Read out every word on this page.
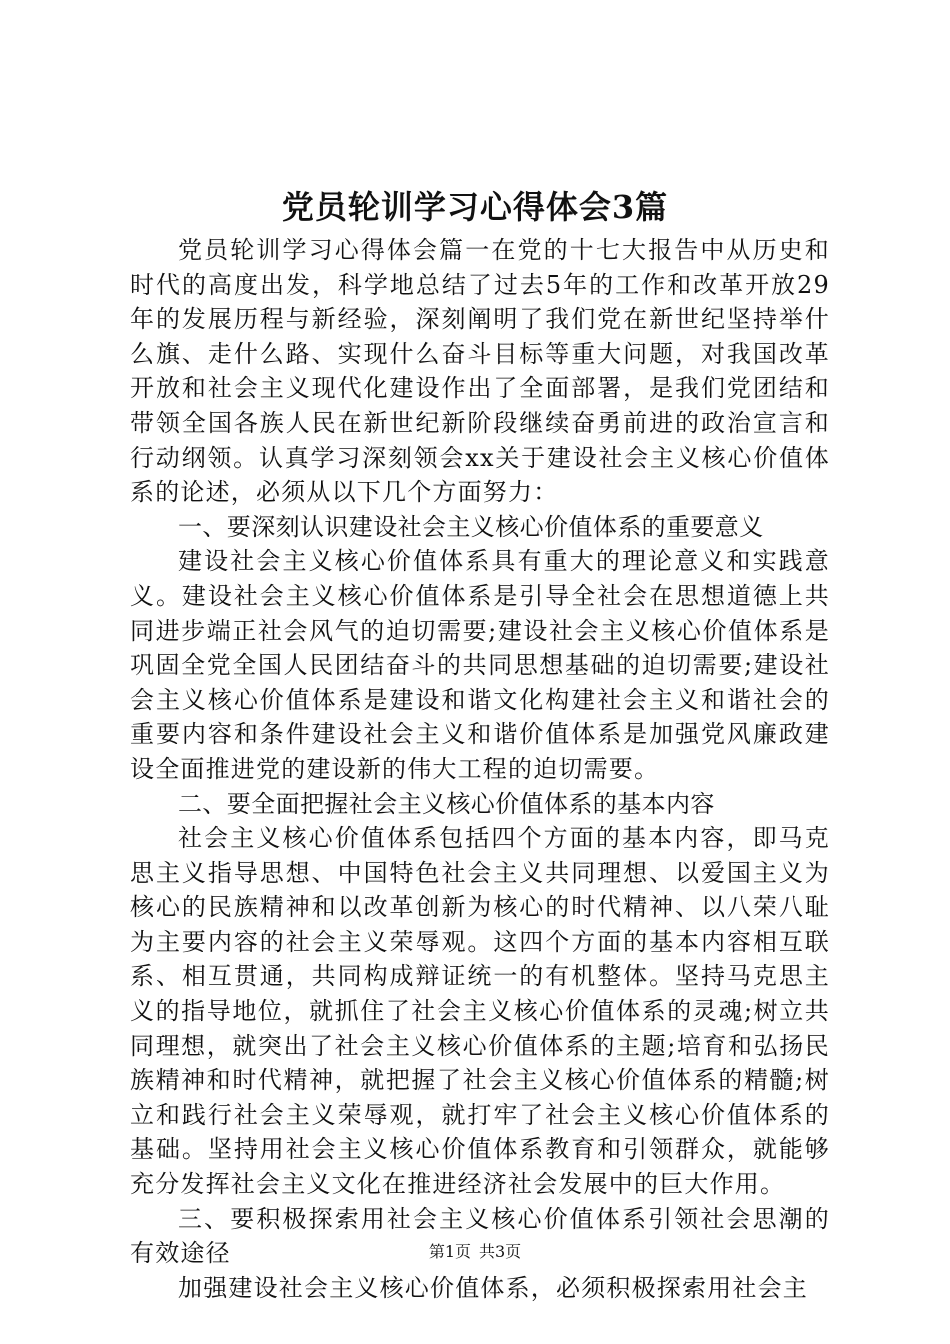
党员轮训学习心得体会3篇

党员轮训学习心得体会篇一在党的十七大报告中从历史和时代的高度出发，科学地总结了过去5年的工作和改革开放29年的发展历程与新经验，深刻阐明了我们党在新世纪坚持举什么旗、走什么路、实现什么奋斗目标等重大问题，对我国改革开放和社会主义现代化建设作出了全面部署，是我们党团结和带领全国各族人民在新世纪新阶段继续奋勇前进的政治宣言和行动纲领。认真学习深刻领会xx关于建设社会主义核心价值体系的论述，必须从以下几个方面努力：

一、要深刻认识建设社会主义核心价值体系的重要意义

建设社会主义核心价值体系具有重大的理论意义和实践意义。建设社会主义核心价值体系是引导全社会在思想道德上共同进步端正社会风气的迫切需要;建设社会主义核心价值体系是巩固全党全国人民团结奋斗的共同思想基础的迫切需要;建设社会主义核心价值体系是建设和谐文化构建社会主义和谐社会的重要内容和条件建设社会主义和谐价值体系是加强党风廉政建设全面推进党的建设新的伟大工程的迫切需要。

二、要全面把握社会主义核心价值体系的基本内容

社会主义核心价值体系包括四个方面的基本内容，即马克思主义指导思想、中国特色社会主义共同理想、以爱国主义为核心的民族精神和以改革创新为核心的时代精神、以八荣八耻为主要内容的社会主义荣辱观。这四个方面的基本内容相互联系、相互贯通，共同构成辩证统一的有机整体。坚持马克思主义的指导地位，就抓住了社会主义核心价值体系的灵魂;树立共同理想，就突出了社会主义核心价值体系的主题;培育和弘扬民族精神和时代精神，就把握了社会主义核心价值体系的精髓;树立和践行社会主义荣辱观，就打牢了社会主义核心价值体系的基础。坚持用社会主义核心价值体系教育和引领群众，就能够充分发挥社会主义文化在推进经济社会发展中的巨大作用。

三、要积极探索用社会主义核心价值体系引领社会思潮的有效途径

加强建设社会主义核心价值体系，必须积极探索用社会主

第1页 共3页
